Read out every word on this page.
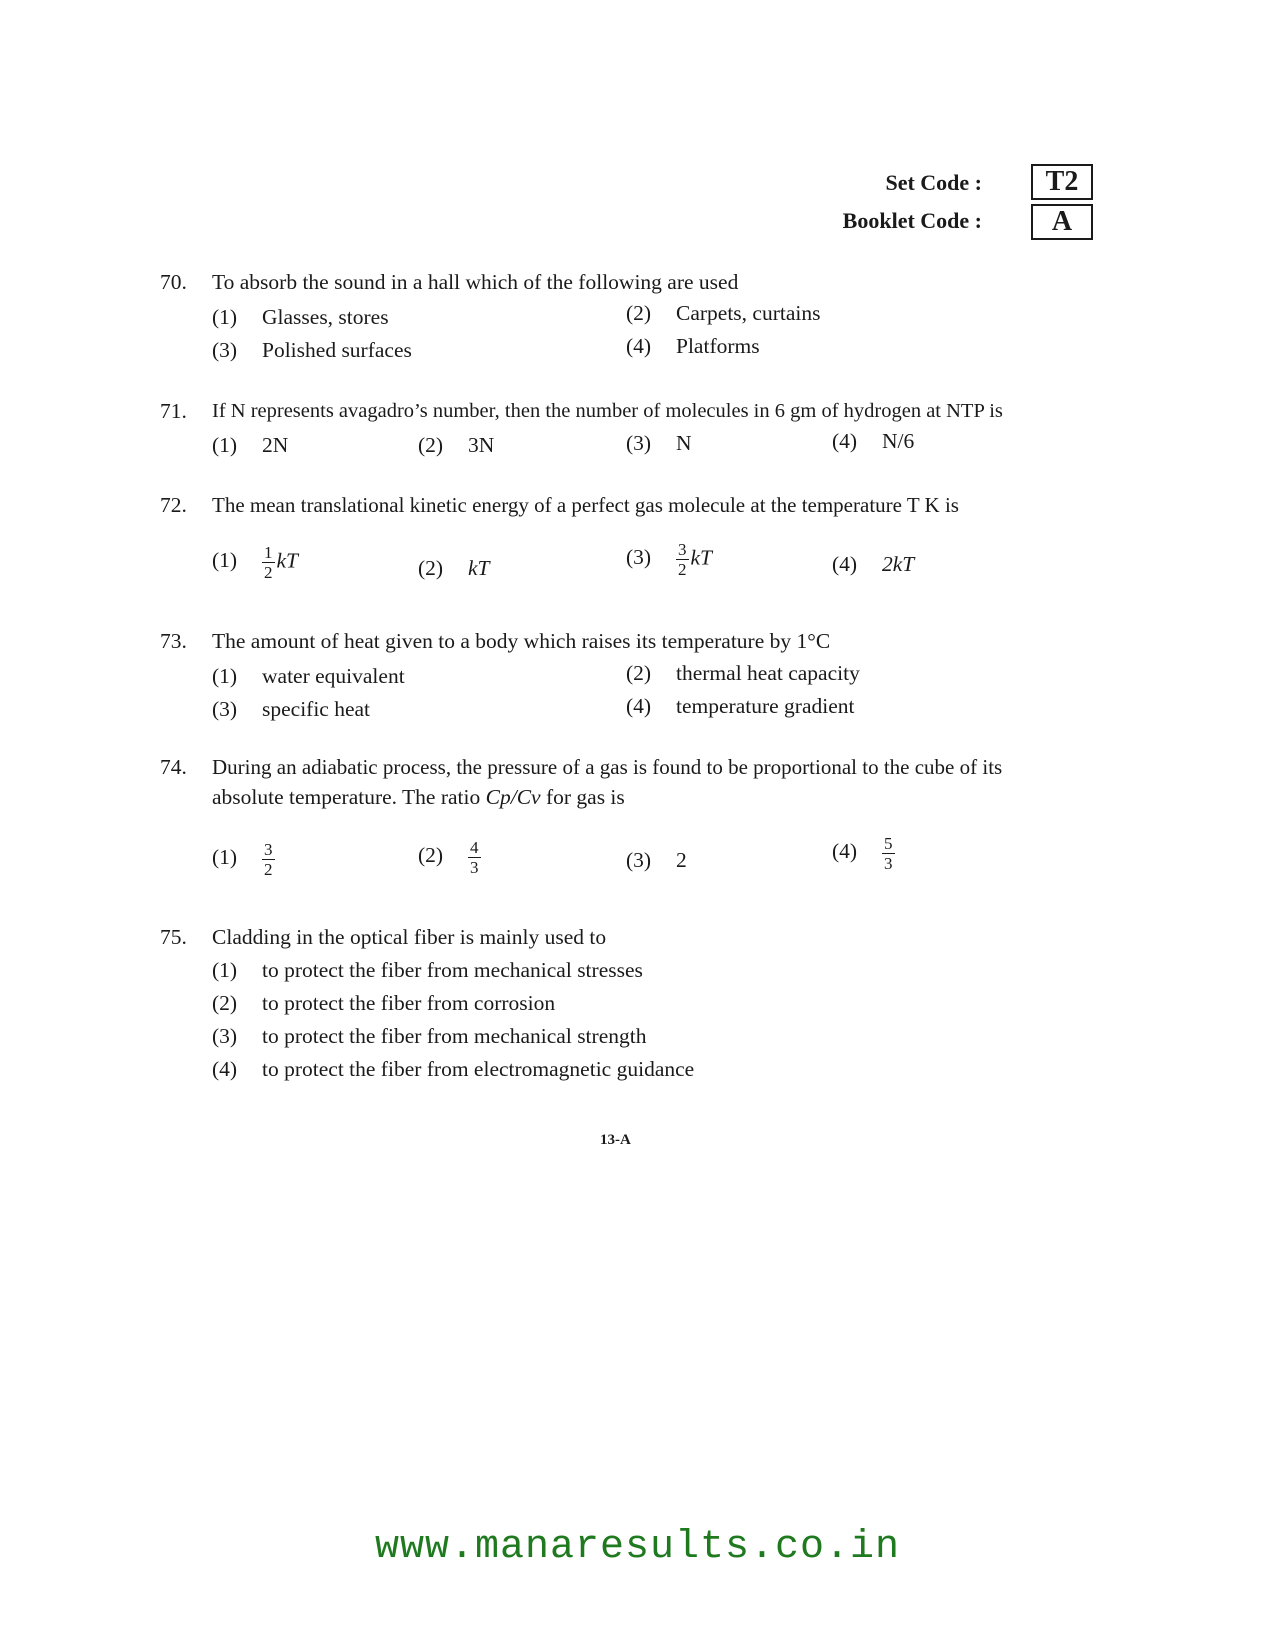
Set Code :	T2
Booklet Code :	A
70. To absorb the sound in a hall which of the following are used
(1) Glasses, stores	(2) Carpets, curtains
(3) Polished surfaces	(4) Platforms
71. If N represents avagadro’s number, then the number of molecules in 6 gm of hydrogen at NTP is
(1) 2N	(2) 3N	(3) N	(4) N/6
72. The mean translational kinetic energy of a perfect gas molecule at the temperature T K is
$(1) \frac{1}{2}$ kT	(2) kT	$(3) \frac{3}{2}$ kT	(4) 2kT
73. The amount of heat given to a body which raises its temperature by 1°C
(1) water equivalent	(2) thermal heat capacity
(3) specific heat	(4) temperature gradient
74. During an adiabatic process, the pressure of a gas is found to be proportional to the cube of its
absolute temperature. The ratio Cp/Cv for gas is
$(1) \frac{3}{2}$	$(2) \frac{4}{3}$	(3) 2	$(4) \frac{5}{3}$
75. Cladding in the optical fiber is mainly used to
(1) to protect the fiber from mechanical stresses
(2) to protect the fiber from corrosion
(3) to protect the fiber from mechanical strength
(4) to protect the fiber from electromagnetic guidance
13-A
www.manaresults.co.in
